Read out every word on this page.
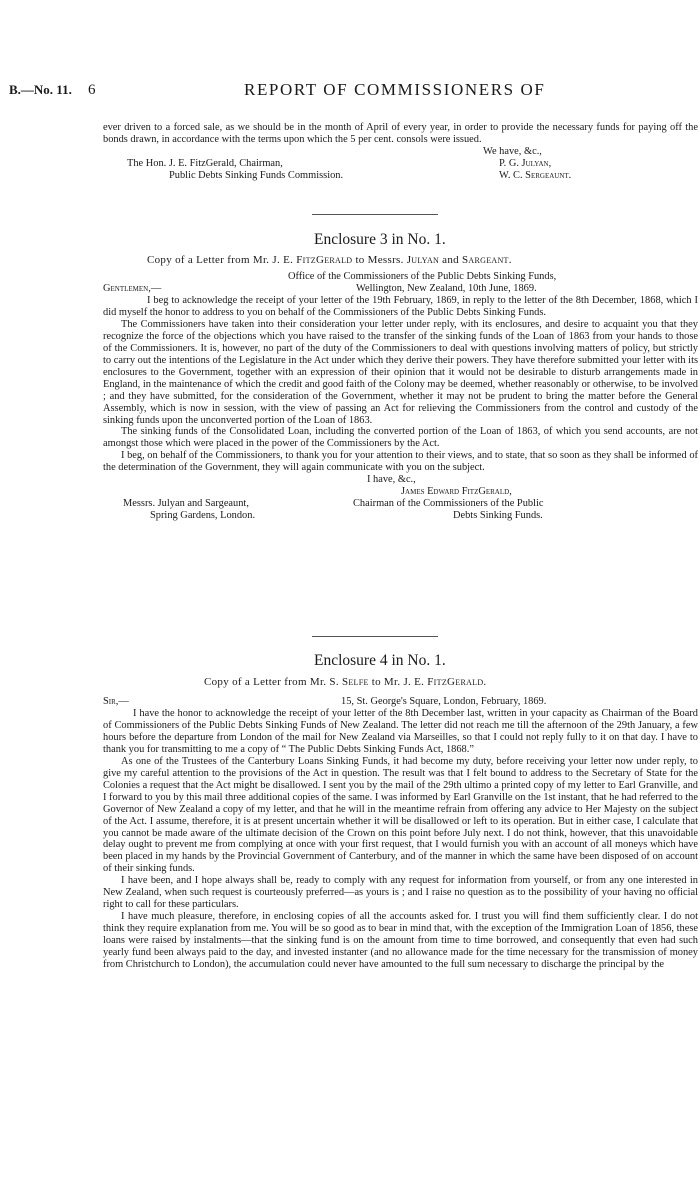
B.—No. 11. 6	REPORT OF COMMISSIONERS OF

ever driven to a forced sale, as we should be in the month of April of every year, in order to provide the necessary funds for paying off the bonds drawn, in accordance with the terms upon which the 5 per cent. consols were issued.

We have, &c.,
The Hon. J. E. FitzGerald, Chairman,	P. G. Julyan,
Public Debts Sinking Funds Commission.	W. C. Sergeaunt.
Enclosure 3 in No. 1.
Copy of a Letter from Mr. J. E. FitzGerald to Messrs. Julyan and Sargeant.
Office of the Commissioners of the Public Debts Sinking Funds,
Gentlemen,—	Wellington, New Zealand, 10th June, 1869.

I beg to acknowledge the receipt of your letter of the 19th February, 1869, in reply to the letter of the 8th December, 1868, which I did myself the honor to address to you on behalf of the Commissioners of the Public Debts Sinking Funds.

The Commissioners have taken into their consideration your letter under reply, with its enclosures, and desire to acquaint you that they recognize the force of the objections which you have raised to the transfer of the sinking funds of the Loan of 1863 from your hands to those of the Commissioners. It is, however, no part of the duty of the Commissioners to deal with questions involving matters of policy, but strictly to carry out the intentions of the Legislature in the Act under which they derive their powers. They have therefore submitted your letter with its enclosures to the Government, together with an expression of their opinion that it would not be desirable to disturb arrangements made in England, in the maintenance of which the credit and good faith of the Colony may be deemed, whether reasonably or otherwise, to be involved ; and they have submitted, for the consideration of the Government, whether it may not be prudent to bring the matter before the General Assembly, which is now in session, with the view of passing an Act for relieving the Commissioners from the control and custody of the sinking funds upon the unconverted portion of the Loan of 1863.

The sinking funds of the Consolidated Loan, including the converted portion of the Loan of 1863, of which you send accounts, are not amongst those which were placed in the power of the Commissioners by the Act.

I beg, on behalf of the Commissioners, to thank you for your attention to their views, and to state, that so soon as they shall be informed of the determination of the Government, they will again communicate with you on the subject.

I have, &c.,
James Edward FitzGerald,
Messrs. Julyan and Sargeaunt,	Chairman of the Commissioners of the Public
Spring Gardens, London.	Debts Sinking Funds.
Enclosure 4 in No. 1.
Copy of a Letter from Mr. S. Selfe to Mr. J. E. FitzGerald.
Sir,—	15, St. George's Square, London, February, 1869.

I have the honor to acknowledge the receipt of your letter of the 8th December last, written in your capacity as Chairman of the Board of Commissioners of the Public Debts Sinking Funds of New Zealand. The letter did not reach me till the afternoon of the 29th January, a few hours before the departure from London of the mail for New Zealand via Marseilles, so that I could not reply fully to it on that day. I have to thank you for transmitting to me a copy of “ The Public Debts Sinking Funds Act, 1868.”

As one of the Trustees of the Canterbury Loans Sinking Funds, it had become my duty, before receiving your letter now under reply, to give my careful attention to the provisions of the Act in question. The result was that I felt bound to address to the Secretary of State for the Colonies a request that the Act might be disallowed. I sent you by the mail of the 29th ultimo a printed copy of my letter to Earl Granville, and I forward to you by this mail three additional copies of the same. I was informed by Earl Granville on the 1st instant, that he had referred to the Governor of New Zealand a copy of my letter, and that he will in the meantime refrain from offering any advice to Her Majesty on the subject of the Act. I assume, therefore, it is at present uncertain whether it will be disallowed or left to its operation. But in either case, I calculate that you cannot be made aware of the ultimate decision of the Crown on this point before July next. I do not think, however, that this unavoidable delay ought to prevent me from complying at once with your first request, that I would furnish you with an account of all moneys which have been placed in my hands by the Provincial Government of Canterbury, and of the manner in which the same have been disposed of on account of their sinking funds.

I have been, and I hope always shall be, ready to comply with any request for information from yourself, or from any one interested in New Zealand, when such request is courteously preferred—as yours is ; and I raise no question as to the possibility of your having no official right to call for these particulars.

I have much pleasure, therefore, in enclosing copies of all the accounts asked for. I trust you will find them sufficiently clear. I do not think they require explanation from me. You will be so good as to bear in mind that, with the exception of the Immigration Loan of 1856, these loans were raised by instalments—that the sinking fund is on the amount from time to time borrowed, and consequently that even had such yearly fund been always paid to the day, and invested instanter (and no allowance made for the time necessary for the transmission of money from Christchurch to London), the accumulation could never have amounted to the full sum necessary to discharge the principal by the
